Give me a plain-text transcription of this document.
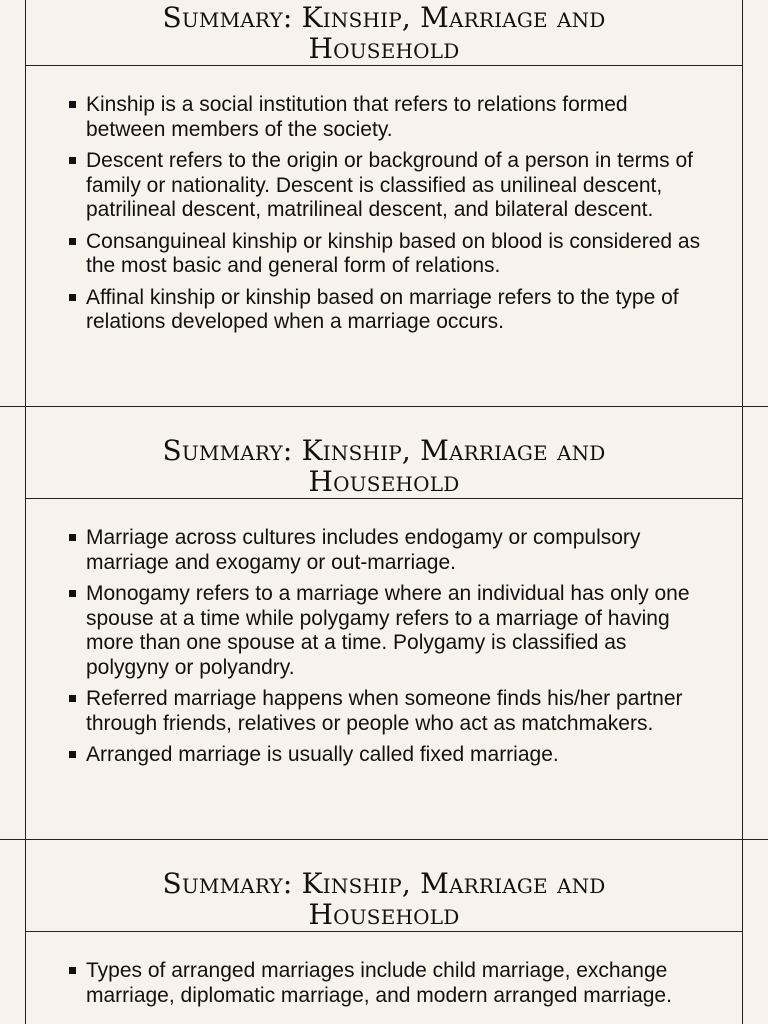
Summary: Kinship, Marriage and Household
Kinship is a social institution that refers to relations formed between members of the society.
Descent refers to the origin or background of a person in terms of family or nationality. Descent is classified as unilineal descent, patrilineal descent, matrilineal descent, and bilateral descent.
Consanguineal kinship or kinship based on blood is considered as the most basic and general form of relations.
Affinal kinship or kinship based on marriage refers to the type of relations developed when a marriage occurs.
Summary: Kinship, Marriage and Household
Marriage across cultures includes endogamy or compulsory marriage and exogamy or out-marriage.
Monogamy refers to a marriage where an individual has only one spouse at a time while polygamy refers to a marriage of having more than one spouse at a time. Polygamy is classified as polygyny or polyandry.
Referred marriage happens when someone finds his/her partner through friends, relatives or people who act as matchmakers.
Arranged marriage is usually called fixed marriage.
Summary: Kinship, Marriage and Household
Types of arranged marriages include child marriage, exchange marriage, diplomatic marriage, and modern arranged marriage.
